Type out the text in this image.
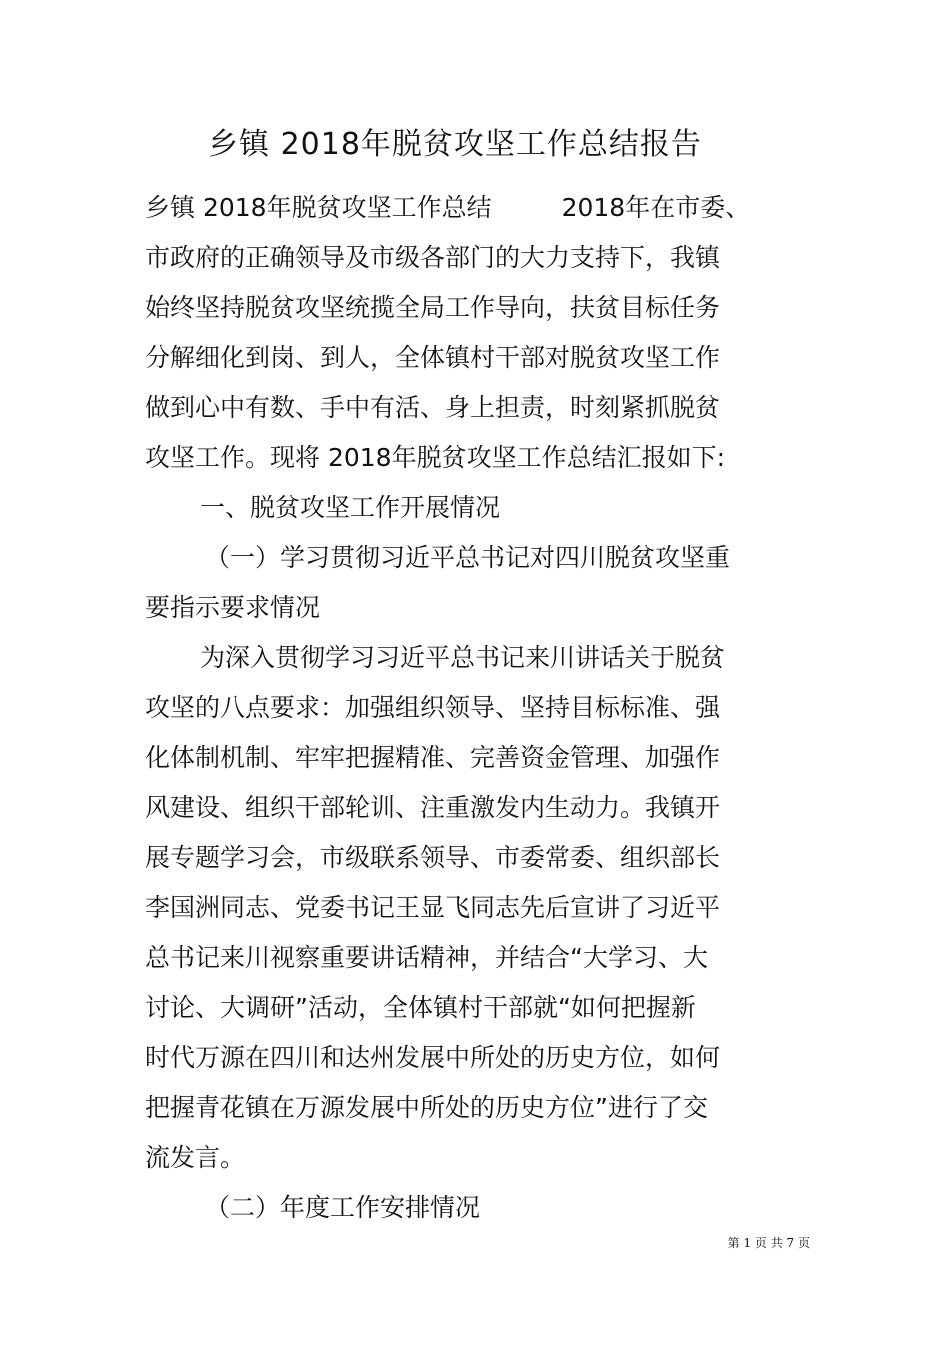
乡镇 2018年脱贫攻坚工作总结报告
乡镇 2018年脱贫攻坚工作总结	2018年在市委、
市政府的正确领导及市级各部门的大力支持下，我镇
始终坚持脱贫攻坚统揽全局工作导向，扶贫目标任务
分解细化到岗、到人，全体镇村干部对脱贫攻坚工作
做到心中有数、手中有活、身上担责，时刻紧抓脱贫
攻坚工作。现将 2018年脱贫攻坚工作总结汇报如下:
一、脱贫攻坚工作开展情况
（一）学习贯彻习近平总书记对四川脱贫攻坚重
要指示要求情况
为深入贯彻学习习近平总书记来川讲话关于脱贫
攻坚的八点要求：加强组织领导、坚持目标标准、强
化体制机制、牢牢把握精准、完善资金管理、加强作
风建设、组织干部轮训、注重激发内生动力。我镇开
展专题学习会，市级联系领导、市委常委、组织部长
李国洲同志、党委书记王显飞同志先后宣讲了习近平
总书记来川视察重要讲话精神，并结合“大学习、大
讨论、大调研”活动，全体镇村干部就“如何把握新
时代万源在四川和达州发展中所处的历史方位，如何
把握青花镇在万源发展中所处的历史方位”进行了交
流发言。
（二）年度工作安排情况
第 1 页 共 7 页
